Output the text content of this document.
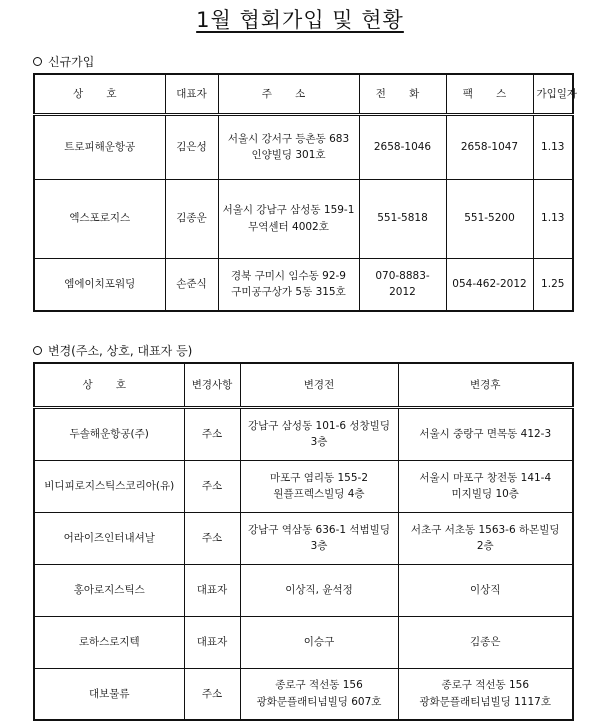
1월 협회가입 및 현황
신규가입
상 호	대표자	주 소	전 화	팩 스	가입일자
트로피해운항공	김은성	서울시 강서구 등촌동 683 인양빌딩 301호	2658-1046	2658-1047	1.13
엑스포로지스	김종운	서울시 강남구 삼성동 159-1 무역센터 4002호	551-5818	551-5200	1.13
엠에이치포워딩	손준식	경북 구미시 임수동 92-9 구미공구상가 5동 315호	070-8883-2012	054-462-2012	1.25
변경(주소, 상호, 대표자 등)
상 호	변경사항	변경전	변경후
두솔해운항공(주)	주소	강남구 삼성동 101-6 성창빌딩 3층	서울시 중랑구 면목동 412-3
비디피로지스틱스코리아(유)	주소	마포구 염리동 155-2 원플프렉스빌딩 4층	서울시 마포구 창전동 141-4 미지빌딩 10층
어라이즈인터내셔날	주소	강남구 역삼동 636-1 석범빌딩 3층	서초구 서초동 1563-6 하몬빌딩 2층
홍아로지스틱스	대표자	이상직, 윤석정	이상직
로하스로지텍	대표자	이승구	김종은
대보물류	주소	종로구 적선동 156 광화문플래티넘빌딩 607호	종로구 적선동 156 광화문플래티넘빌딩 1117호
